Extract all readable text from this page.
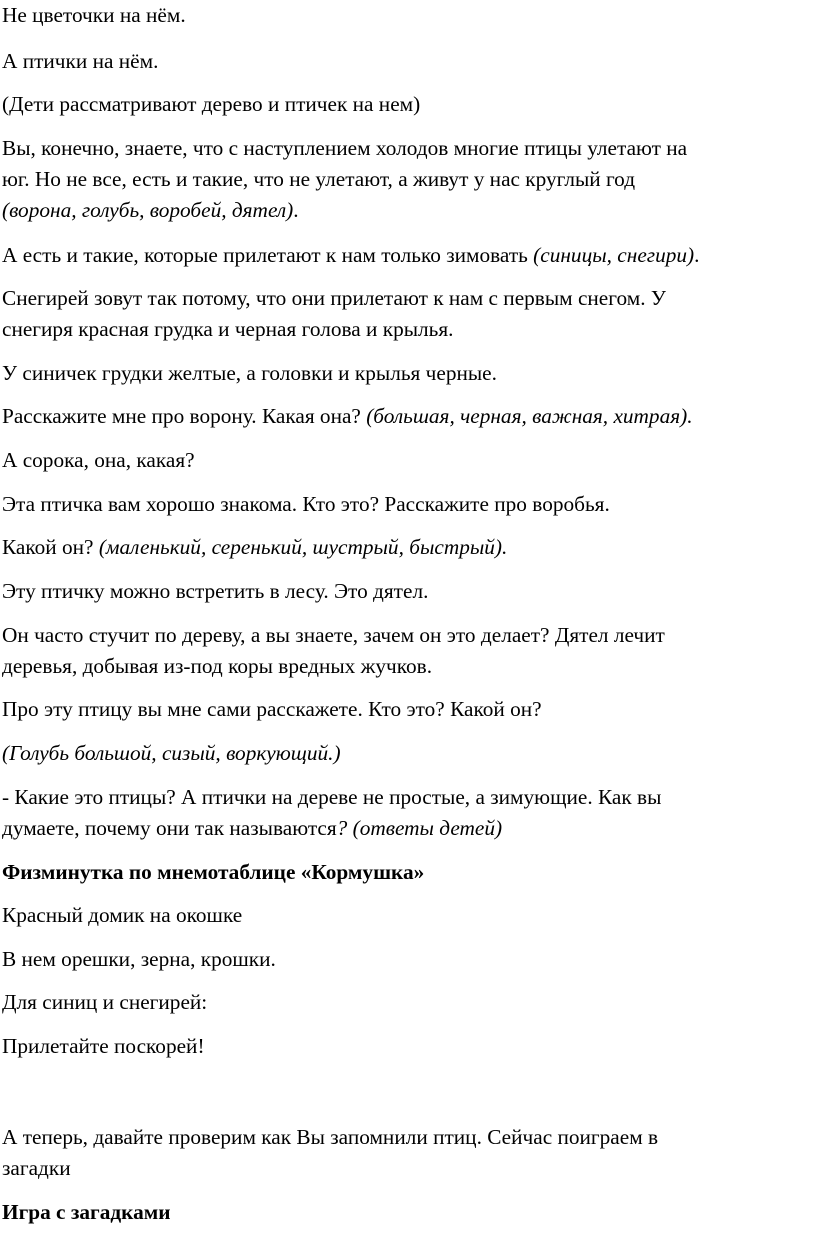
Не цветочки на нём.

А птички на нём.

(Дети рассматривают дерево и птичек на нем)

Вы, конечно, знаете, что с наступлением холодов многие птицы улетают на
юг. Но не все, есть и такие, что не улетают, а живут у нас круглый год
(ворона, голубь, воробей, дятел).

А есть и такие, которые прилетают к нам только зимовать (синицы, снегири).

Снегирей зовут так потому, что они прилетают к нам с первым снегом. У
снегиря красная грудка и черная голова и крылья.

У синичек грудки желтые, а головки и крылья черные.

Расскажите мне про ворону. Какая она? (большая, черная, важная, хитрая).

А сорока, она, какая?

Эта птичка вам хорошо знакома. Кто это? Расскажите про воробья.

Какой он? (маленький, серенький, шустрый, быстрый).

Эту птичку можно встретить в лесу. Это дятел.

Он часто стучит по дереву, а вы знаете, зачем он это делает? Дятел лечит
деревья, добывая из-под коры вредных жучков.

Про эту птицу вы мне сами расскажете. Кто это? Какой он?

(Голубь большой, сизый, воркующий.)

- Какие это птицы? А птички на дереве не простые, а зимующие. Как вы
думаете, почему они так называются? (ответы детей)

Физминутка по мнемотаблице «Кормушка»

Красный домик на окошке

В нем орешки, зерна, крошки.

Для синиц и снегирей:

Прилетайте поскорей!

А теперь, давайте проверим как Вы запомнили птиц. Сейчас поиграем в
загадки

Игра с загадками
